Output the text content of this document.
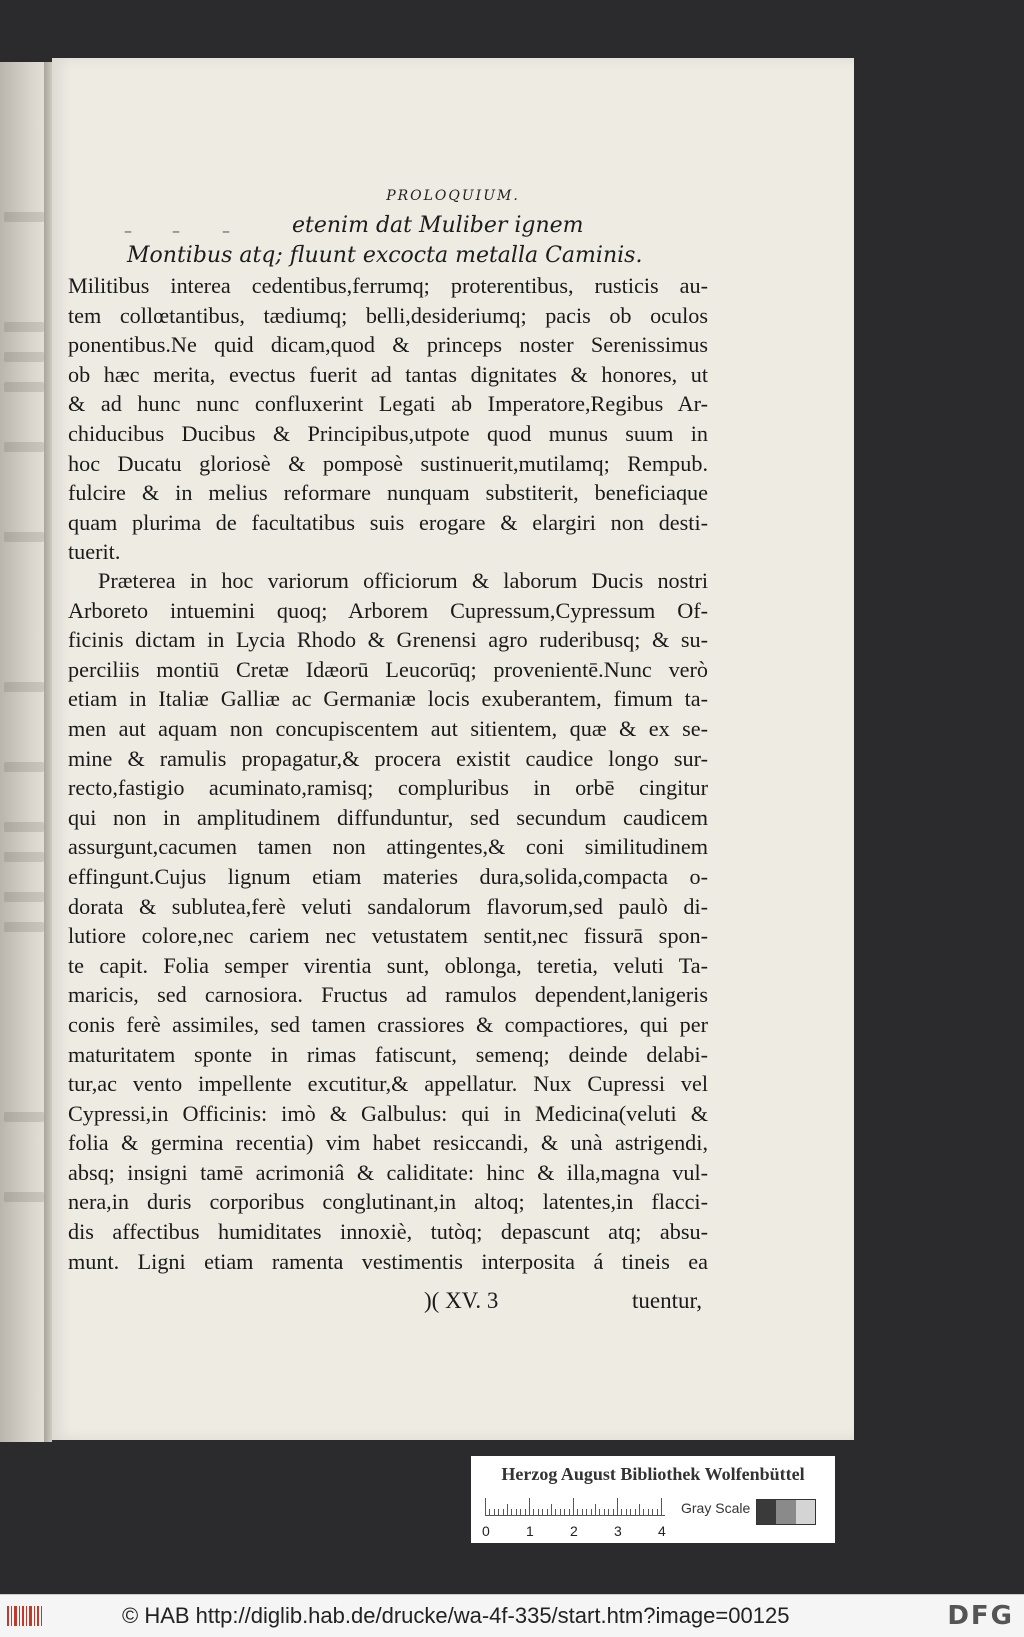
PROLOQUIUM.
–	–	–	etenim dat Muliber ignem
Montibus atq; fluunt excocta metalla Caminis.
Militibus interea cedentibus,ferrumq; proterentibus, rusticis au-
tem collœtantibus, tædiumq; belli,desideriumq; pacis ob oculos
ponentibus.Ne quid dicam,quod & princeps noster Serenissimus
ob hæc merita, evectus fuerit ad tantas dignitates & honores, ut
& ad hunc nunc confluxerint Legati ab Imperatore,Regibus Ar-
chiducibus Ducibus & Principibus,utpote quod munus suum in
hoc Ducatu gloriosè & pomposè sustinuerit,mutilamq; Rempub.
fulcire & in melius reformare nunquam substiterit, beneficiaque
quam plurima de facultatibus suis erogare & elargiri non desti-
tuerit.
Præterea in hoc variorum officiorum & laborum Ducis nostri
Arboreto intuemini quoq; Arborem Cupressum,Cypressum Of-
ficinis dictam in Lycia Rhodo & Grenensi agro ruderibusq; & su-
perciliis montiū Cretæ Idæorū Leucorūq; provenientē.Nunc verò
etiam in Italiæ Galliæ ac Germaniæ locis exuberantem, fimum ta-
men aut aquam non concupiscentem aut sitientem, quæ & ex se-
mine & ramulis propagatur,& procera existit caudice longo sur-
recto,fastigio acuminato,ramisq; compluribus in orbē cingitur
qui non in amplitudinem diffunduntur, sed secundum caudicem
assurgunt,cacumen tamen non attingentes,& coni similitudinem
effingunt.Cujus lignum etiam materies dura,solida,compacta o-
dorata & sublutea,ferè veluti sandalorum flavorum,sed paulò di-
lutiore colore,nec cariem nec vetustatem sentit,nec fissurā spon-
te capit. Folia semper virentia sunt, oblonga, teretia, veluti Ta-
maricis, sed carnosiora. Fructus ad ramulos dependent,lanigeris
conis ferè assimiles, sed tamen crassiores & compactiores, qui per
maturitatem sponte in rimas fatiscunt, semenq; deinde delabi-
tur,ac vento impellente excutitur,& appellatur. Nux Cupressi vel
Cypressi,in Officinis: imò & Galbulus: qui in Medicina(veluti &
folia & germina recentia) vim habet resiccandi, & unà astrigendi,
absq; insigni tamē acrimoniâ & caliditate: hinc & illa,magna vul-
nera,in duris corporibus conglutinant,in altoq; latentes,in flacci-
dis affectibus humiditates innoxiè, tutòq; depascunt atq; absu-
munt. Ligni etiam ramenta vestimentis interposita á tineis ea
)( XV. 3	tuentur,
Herzog August Bibliothek Wolfenbüttel
0	1	2	3	4
Gray Scale
© HAB http://diglib.hab.de/drucke/wa-4f-335/start.htm?image=00125	DFG
